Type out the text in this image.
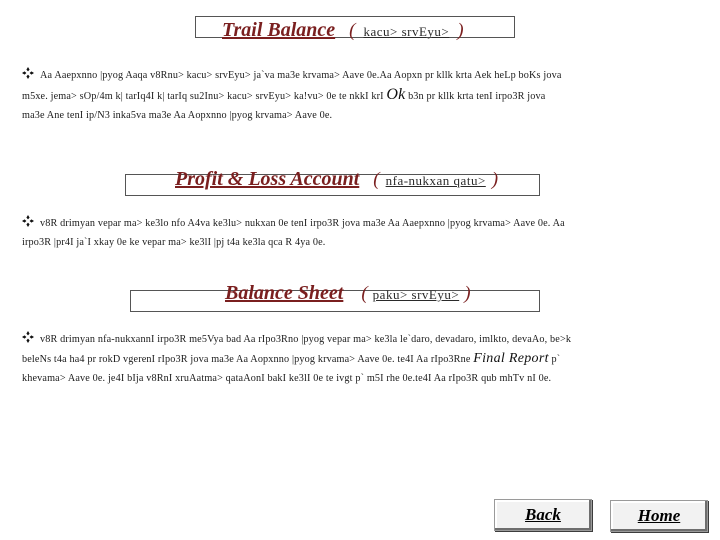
Trail Balance ( kacu> srvEyu> )
Aa Aaepxnno |pyog Aaqa v8Rnu> kacu> srvEyu> ja`va ma3e krvama> Aave 0e.Aa Aopxn pr kllk krta Aek heLp boKs jova
m5xe. jema> sOp/4m k| tarIq4I k| tarIq su2Inu> kacu> srvEyu> ka!vu> 0e te nkkI krI Ok b3n pr kllk krta tenI irpo3R jova
ma3e Ane tenI ip/N3 inka5va ma3e Aa Aopxnno |pyog krvama> Aave 0e.
Profit & Loss Account ( nfa-nukxan qatu> )
v8R drimyan vepar ma> ke3lo nfo A4va ke3lu> nukxan 0e tenI irpo3R jova ma3e Aa Aaepxnno |pyog krvama> Aave 0e. Aa
irpo3R |pr4I ja`I xkay 0e ke vepar ma> ke3lI |pj t4a ke3la qca R 4ya 0e.
Balance Sheet ( paku> srvEyu> )
v8R drimyan nfa-nukxannI irpo3R me5Vya bad Aa rIpo3Rno |pyog vepar ma> ke3la le`daro, devadaro, imlkto, devaAo, be>k
beleNs t4a ha4 pr rokD vgerenI rIpo3R jova ma3e Aa Aopxnno |pyog krvama> Aave 0e. te4I Aa rIpo3Rne Final Report p`
khevama> Aave 0e. je4I bIja v8RnI xruAatma> qataAonI bakI ke3lI 0e te ivgt p` m5I rhe 0e.te4I Aa rIpo3R qub mhTv nI 0e.
Back	Home
